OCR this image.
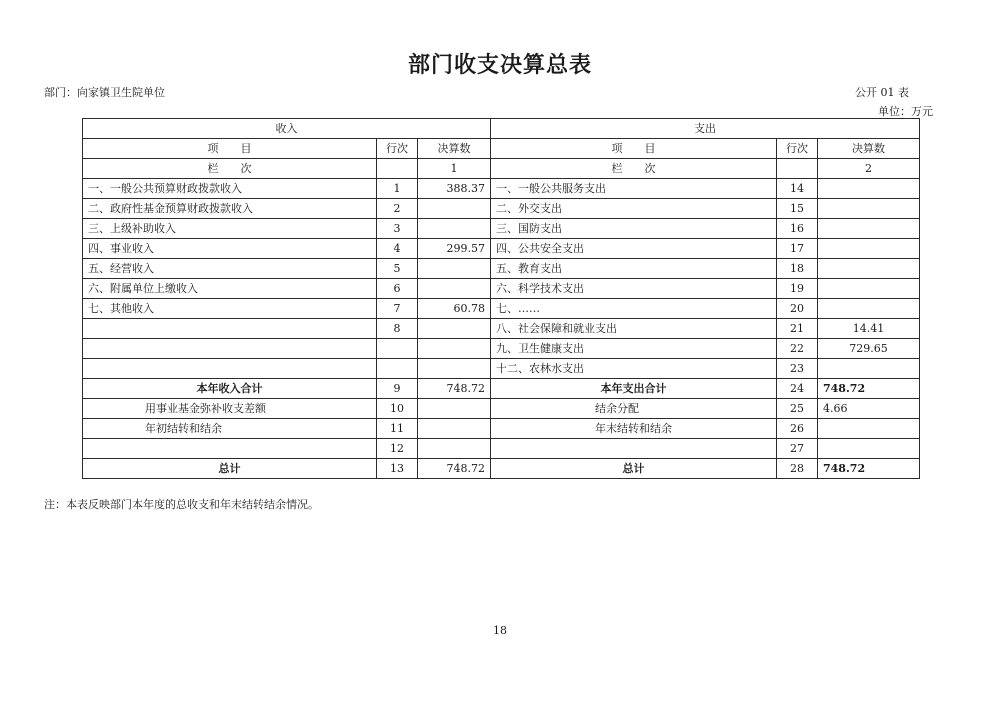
部门收支决算总表
部门：向家镇卫生院单位	公开 01 表
单位：万元
收入			支出		
项　　目	行次	决算数	项　　目	行次	决算数
栏　　次		1	栏　　次		2
一、一般公共预算财政拨款收入	1	388.37	一、一般公共服务支出	14	
二、政府性基金预算财政拨款收入	2		二、外交支出	15	
三、上级补助收入	3		三、国防支出	16	
四、事业收入	4	299.57	四、公共安全支出	17	
五、经营收入	5		五、教育支出	18	
六、附属单位上缴收入	6		六、科学技术支出	19	
七、其他收入	7	60.78	七、……	20	
	8		八、社会保障和就业支出	21	14.41
			九、卫生健康支出	22	729.65
			十二、农林水支出	23	
本年收入合计	9	748.72	本年支出合计	24	748.72
用事业基金弥补收支差额	10		结余分配	25	4.66
年初结转和结余	11		年末结转和结余	26	
	12			27	
总计	13	748.72	总计	28	748.72
注：本表反映部门本年度的总收支和年末结转结余情况。
18
